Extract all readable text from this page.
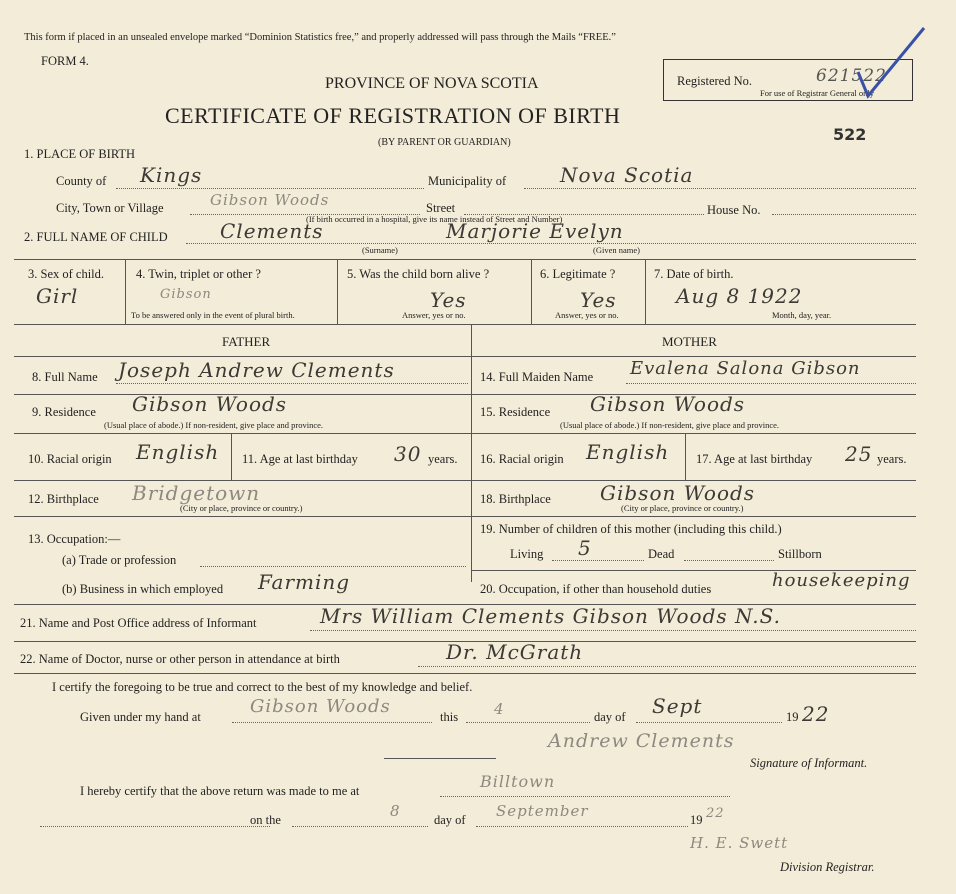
This form if placed in an unsealed envelope marked “Dominion Statistics free,” and properly addressed will pass through the Mails “FREE.”
FORM 4.
PROVINCE OF NOVA SCOTIA
CERTIFICATE OF REGISTRATION OF BIRTH
(BY PARENT OR GUARDIAN)
Registered No.	621522
For use of Registrar General only
522
1. PLACE OF BIRTH
County of Kings	Municipality of	Nova Scotia
City, Town or Village	Gibson Woods	Street	House No.
(If birth occurred in a hospital, give its name instead of Street and Number)
2. FULL NAME OF CHILD	Clements	Marjorie Evelyn
(Surname)	(Given name)
3. Sex of child.
Girl
4. Twin, triplet or other ?
Gibson
To be answered only in the event of plural birth.
5. Was the child born alive ?
Yes
Answer, yes or no.
6. Legitimate ?
Yes
Answer, yes or no.
7. Date of birth.
Aug 8 1922
Month, day, year.
FATHER	MOTHER
8. Full Name Joseph Andrew Clements	14. Full Maiden Name Evalena Salona Gibson
9. Residence Gibson Woods
(Usual place of abode.) If non-resident, give place and province.
15. Residence Gibson Woods
(Usual place of abode.) If non-resident, give place and province.
10. Racial origin English 11. Age at last birthday 30 years. 16. Racial origin English 17. Age at last birthday 25 years.
12. Birthplace Bridgetown
(City or place, province or country.)
18. Birthplace Gibson Woods
(City or place, province or country.)
13. Occupation:—
(a) Trade or profession
(b) Business in which employed Farming
19. Number of children of this mother (including this child.)
Living 5	Dead	Stillborn
20. Occupation, if other than household duties	housekeeping
21. Name and Post Office address of Informant	Mrs William Clements Gibson Woods N.S.
22. Name of Doctor, nurse or other person in attendance at birth	Dr. McGrath
I certify the foregoing to be true and correct to the best of my knowledge and belief.
Given under my hand at	Gibson Woods	this 4	day of Sept	19 22
Andrew Clements
Signature of Informant.
I hereby certify that the above return was made to me at	Billtown
on the	8	day of September	19 22
H. E. Swett
Division Registrar.
